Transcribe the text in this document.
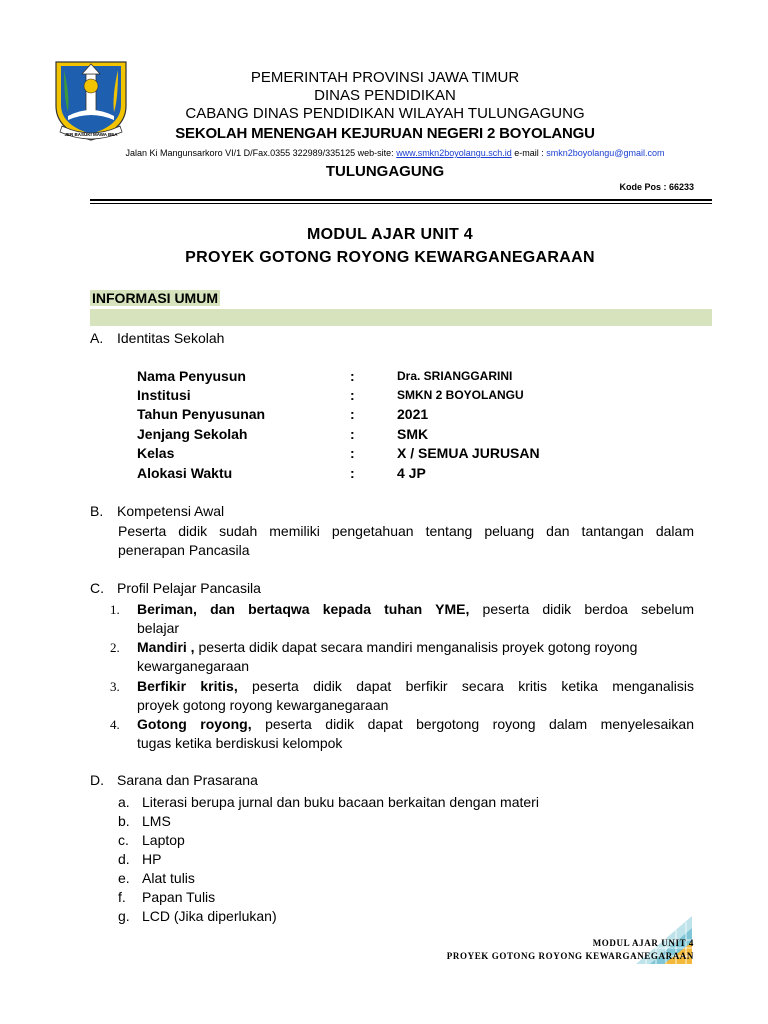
JER BASUKI MAWA BEA
PEMERINTAH PROVINSI JAWA TIMUR
DINAS PENDIDIKAN
CABANG DINAS PENDIDIKAN WILAYAH TULUNGAGUNG
SEKOLAH MENENGAH KEJURUAN NEGERI 2 BOYOLANGU
Jalan Ki Mangunsarkoro VI/1 D/Fax.0355 322989/335125 web-site: www.smkn2boyolangu.sch.id e-mail : smkn2boyolangu@gmail.com
TULUNGAGUNG
Kode Pos : 66233
MODUL AJAR UNIT 4
PROYEK GOTONG ROYONG KEWARGANEGARAAN
INFORMASI UMUM
A. Identitas Sekolah
Nama Penyusun	:	Dra. SRIANGGARINI
Institusi	:	SMKN 2 BOYOLANGU
Tahun Penyusunan	:	2021
Jenjang Sekolah	:	SMK
Kelas	:	X / SEMUA JURUSAN
Alokasi Waktu	:	4 JP
B. Kompetensi Awal
Peserta didik sudah memiliki pengetahuan tentang peluang dan tantangan dalam
penerapan Pancasila
C. Profil Pelajar Pancasila
1. Beriman, dan bertaqwa kepada tuhan YME, peserta didik berdoa sebelum
belajar
2. Mandiri , peserta didik dapat secara mandiri menganalisis proyek gotong royong
kewarganegaraan
3. Berfikir kritis, peserta didik dapat berfikir secara kritis ketika menganalisis
proyek gotong royong kewarganegaraan
4. Gotong royong, peserta didik dapat bergotong royong dalam menyelesaikan
tugas ketika berdiskusi kelompok
D. Sarana dan Prasarana
a. Literasi berupa jurnal dan buku bacaan berkaitan dengan materi
b. LMS
c. Laptop
d. HP
e. Alat tulis
f. Papan Tulis
g. LCD (Jika diperlukan)
MODUL AJAR UNIT 4
PROYEK GOTONG ROYONG KEWARGANEGARAAN
